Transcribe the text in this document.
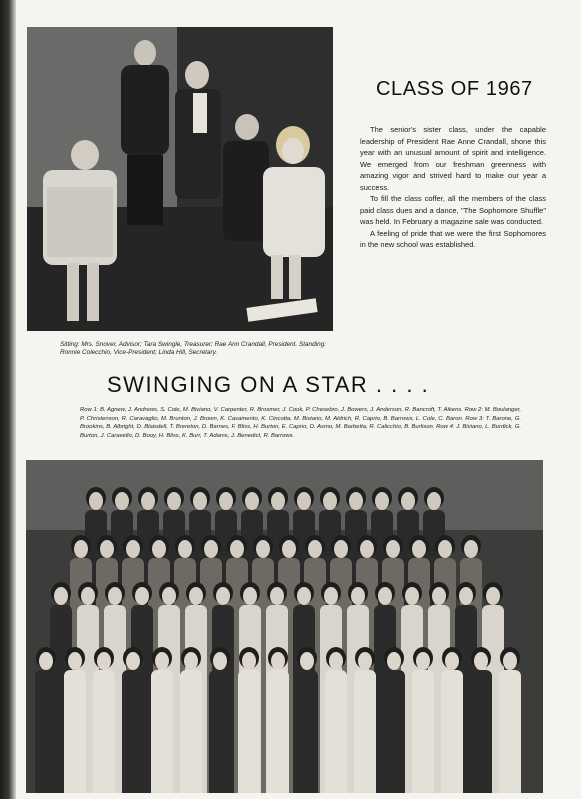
Sitting: Mrs. Snover, Advisor; Tara Swingle, Treasurer; Rae Ann Crandall, President. Standing: Ronnie Colecchio, Vice-President; Linda Hill, Secretary.
CLASS OF 1967

The senior's sister class, under the capable leadership of President Rae Anne Crandall, shone this year with an unusual amount of spirit and intelligence. We emerged from our freshman greenness with amazing vigor and strived hard to make our year a success.

To fill the class coffer, all the members of the class paid class dues and a dance, "The Sophomore Shuffle" was held. In February a magazine sale was conducted.

A feeling of pride that we were the first Sophomores in the new school was established.

SWINGING ON A STAR . . . .
Row 1: B. Agnew, J. Andrews, S. Cole, M. Biviano, V. Carpenter, R. Brosmer, J. Cook, P. Chesebro, J. Bowers, J. Anderson, R. Bancroft, T. Aikens. Row 2: M. Boulanger, P. Christenson, R. Caravaglio, M. Brunton, J. Brown, K. Casamento, K. Cincotta, M. Biviano, M. Aldrich, R. Caprio, B. Barrows, L. Cole, C. Baron. Row 3: T. Barone, G. Brookins, B. Albright, D. Blaisdell, T. Brereton, D. Barnes, F. Bliss, H. Burton, E. Caprio, D. Asmo, M. Barbetta, R. Calicchio, B. Burlison. Row 4: J. Biviano, L. Burdick, G. Burton, J. Caravello, D. Booy, H. Bliss, K. Burr, T. Adams, J. Benedict, R. Barrows.
